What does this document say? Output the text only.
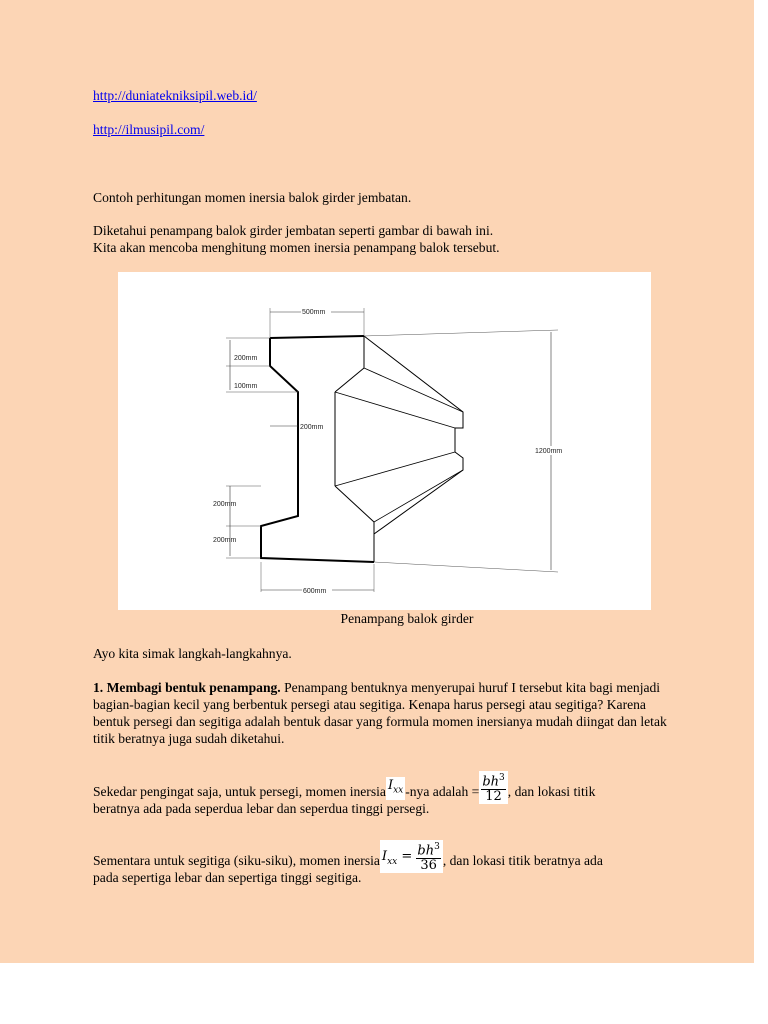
http://duniatekniksipil.web.id/
http://ilmusipil.com/
Contoh perhitungan momen inersia balok girder jembatan.
Diketahui penampang balok girder jembatan seperti gambar di bawah ini.
Kita akan mencoba menghitung momen inersia penampang balok tersebut.
500mm
200mm
100mm
200mm
200mm
200mm
600mm
1200mm
Penampang balok girder
Ayo kita simak langkah-langkahnya.
1. Membagi bentuk penampang. Penampang bentuknya menyerupai huruf I tersebut kita bagi menjadi bagian-bagian kecil yang berbentuk persegi atau segitiga. Kenapa harus persegi atau segitiga? Karena bentuk persegi dan segitiga adalah bentuk dasar yang formula momen inersianya mudah diingat dan letak titik beratnya juga sudah diketahui.
Sekedar pengingat saja, untuk persegi, momen inersia $I_{xx}$ -nya adalah = $\frac{bh^3}{12}$ , dan lokasi titik
beratnya ada pada seperdua lebar dan seperdua tinggi persegi.
Sementara untuk segitiga (siku-siku), momen inersia $I_{xx} = \frac{bh^3}{36}$ , dan lokasi titik beratnya ada
pada sepertiga lebar dan sepertiga tinggi segitiga.
